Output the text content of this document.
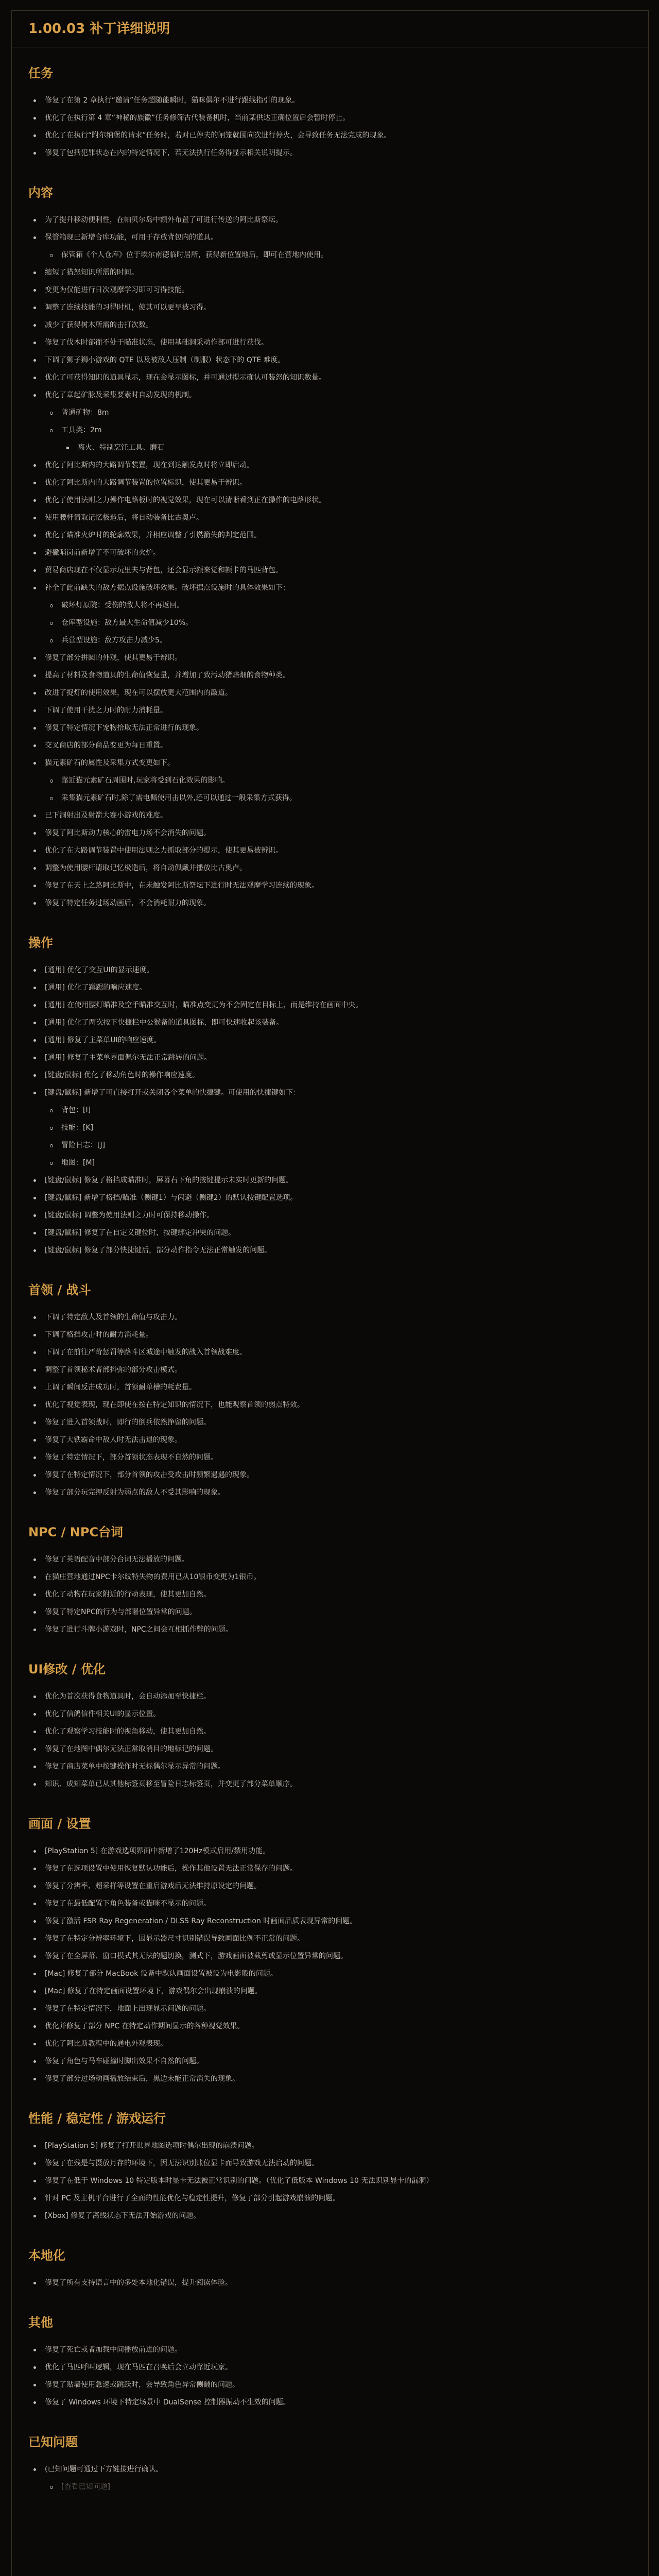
1.00.03 补丁详细说明
任务
修复了在第 2 章执行“邀请”任务超随能瞬时，猫咪偶尔不进行跟线指引的现象。
优化了在执行第 4 章“神秘的族徽”任务修筛古代装备机时，当前某供达正确位置后会暂时停止。
优化了在执行“附尔纳堡的请求”任务时，若对已停夫的闸笼就围向次进行停火，会导致任务无法完成的现象。
修复了包括犯罪状态在内的特定情况下，若无法执行任务得显示相关说明提示。
内容
为了提升移动便利性，在帕贝尔岛中额外布置了可进行传送的阿比斯祭坛。
保管箱现已新增合库功能，可用于存放背包内的道具。
保管箱《个人仓库》位于埃尔南德临时居所，获得新位置地后，即可在营地内使用。
缩短了猎怒知识所需的时间。
变更为仅能进行日次观摩学习即可习得技能。
调整了连续技能的习得时机，使其可以更早被习得。
减少了获得树木所需的击打次数。
修复了伐木时部衙不处于瞄准状态，使用基础洞采动作部可进行获伐。
下调了狮子狮小游戏的 QTE 以及被敌人压制（制服）状态下的 QTE 难度。
优化了可获得知识的道具显示，现在会显示图标，并可通过提示确认可装怒的知识数量。
优化了章起矿脉及采集要素时自动发现的机制。
普通矿物：8m
工具类：2m
离火、特制烹饪工具、磨石
优化了阿比斯内的大路调节装置，现在到达触发点时将立即启动。
优化了阿比斯内的大路调节装置的位置标识，使其更易于辨识。
优化了使用法则之力操作电路板时的视觉效果，现在可以清晰看到正在操作的电路形状。
使用腰杆请取记忆极造后，将自动装备比古奥卢。
优化了瞄准火炉时的轮廓效果，并相应调整了引燃箭失的判定范围。
避撇哨岗前新增了不可破坏的火炉。
贸易商店现在不仅显示玩里夫与背包，还会显示额来觉和额卡的马匹背包。
补全了此前缺失的敌方据点设施破坏效果。破坏据点设施时的具体效果如下：
破坏灯原院：受伤的敌人将不再返回。
仓库型设施：敌方最大生命值减少10%。
兵营型设施：敌方攻击力减少5。
修复了部分拼圆的外观，使其更易于辨识。
提高了材料及食物道具的生命值恢复量，并增加了致污动猪赔畑的食物种类。
改进了捉灯的使用效果，现在可以摆放更大范围内的敲道。
下调了使用干扰之力时的耐力消耗量。
修复了特定情况下宠物拾取无法正常进行的现象。
交叉商店的部分商品变更为每日重置。
猫元素矿石的属性及采集方式变更如下。
靠近猫元素矿石周围时,玩家将受到石化效果的影响。
采集猫元素矿石时,除了需电佩使用击以外,还可以通过一般采集方式获得。
已下洞射出及射箭大赛小游戏的难度。
修复了阿比斯动力核心的雷电力场不会消失的问题。
优化了在大路调节装置中使用法则之力抓取部分的提示，使其更易被辨识。
调整为使用腰杆请取记忆极造后，将自动佩戴并播放比古奥卢。
修复了在天上之路阿比斯中，在未触发阿比斯祭坛下进行时无法观摩学习连续的现象。
修复了特定任务过场动画后，不会消耗耐力的现象。
操作
[通用] 优化了交互UI的显示速度。
[通用] 优化了蹲踞的响应速度。
[通用] 在使用腰灯瞄准及空手瞄准交互时，瞄准点变更为不会固定在目标上，而是维持在画面中央。
[通用] 优化了两次按下快捷栏中公猴备的道具图标，即可快速收起该装备。
[通用] 修复了主菜单UI的响应速度。
[通用] 修复了主菜单界面佩尔无法正常跳转的问题。
[键盘/鼠标] 优化了移动角色时的操作响应速度。
[键盘/鼠标] 新增了可直接打开或关闭各个菜单的快捷键。可使用的快捷键如下：
背包：[I]
技能：[K]
冒险日志：[J]
地图：[M]
[键盘/鼠标] 修复了格挡成瞄准时，屏幕右下角的按键提示未实时更新的问题。
[键盘/鼠标] 新增了格挡/瞄准（侧键1）与闪避（侧键2）的默认按键配置选项。
[键盘/鼠标] 调整为使用法则之力时可保持移动操作。
[键盘/鼠标] 修复了在自定义键位时，按键绑定冲突的问题。
[键盘/鼠标] 修复了部分快捷键后，部分动作指令无法正常触发的问题。
首领 / 战斗
下调了特定敌人及首领的生命值与攻击力。
下调了格挡攻击时的耐力消耗量。
下调了在前往严苛惩罚等路斗区城途中触发的战入首领战难度。
调整了首领秘术者部抖弥的部分攻击模式。
上调了瞬间反击成功时，首领耐单槽的耗费量。
优化了视觉表现，现在即使在按在特定知识的情况下，也能观察首领的弱点特效。
修复了进入首领战时，即行的倒兵依然挣留的问题。
修复了大铁霸命中敌人时无法击退的现象。
修复了特定情况下，部分首领状态表现不自然的问题。
修复了在特定情况下，部分首领的攻击受攻击时频繁遇遇的现象。
修复了部分玩完押反射为弱点的敌人不受其影响的现象。
NPC / NPC台词
修复了英语配音中部分台词无法播放的问题。
在猫庄营地通过NPC卡尔纹特失物的费用已从10银币变更为1银币。
优化了动物在玩家附近的行动表现，使其更加自然。
修复了特定NPC的行为与部署位置异常的问题。
修复了进行斗牌小游戏时，NPC之间会互相抓作弊的问题。
UI修改 / 优化
优化为首次获得食物道具时，会自动添加至快捷栏。
优化了信鸽信件相关UI的显示位置。
优化了观察学习技能时的视角移动，使其更加自然。
修复了在地图中偶尔无法正常取消目的地标记的问题。
修复了商店菜单中按键操作时无标偶尔显示异常的问题。
知识、成知菜单已从其他标签页移至冒险日志标签页，并变更了部分菜单顺序。
画面 / 设置
[PlayStation 5] 在游戏选项界面中新增了120Hz模式启用/禁用功能。
修复了在选项设置中使用恢复默认功能后，操作其他设置无法正常保存的问题。
修复了分辨率、超采样等设置在重启游戏后无法维持原设定的问题。
修复了在最低配置下角色装备或猫咪不显示的问题。
修复了激活 FSR Ray Regeneration / DLSS Ray Reconstruction 时画面品质表现异常的问题。
修复了在特定分辨率环境下，因显示器尺寸识别错误导致画面比例不正常的问题。
修复了在全屏幕、窗口模式其无法的题切换，测式下，游戏画面被截剪或显示位置异常的问题。
[Mac] 修复了部分 MacBook 设备中默认画面设置被设为电影般的问题。
[Mac] 修复了在特定画面设置环境下，游戏偶尔会出现崩溃的问题。
修复了在特定情况下，地面上出现显示问题的问题。
优化并修复了部分 NPC 在特定动作期间显示的各种视觉效果。
优化了阿比斯教程中的通电外观表现。
修复了角色与马车碰撞时脚出效果不自然的问题。
修复了部分过场动画播放结束后，黑边未能正常消失的现象。
性能 / 稳定性 / 游戏运行
[PlayStation 5] 修复了打开世界地图选项时偶尔出现的崩溃问题。
修复了在残是与摄放月存的环境下，因无法识别账位显卡而导致游戏无法启动的问题。
修复了在低于 Windows 10 特定版本时显卡无法被正常识别的问题。（优化了低版本 Windows 10 无法识别显卡的漏洞）
针对 PC 及主机平台进行了全面的性能优化与稳定性提升，修复了部分引起游戏崩溃的问题。
[Xbox] 修复了离线状态下无法开始游戏的问题。
本地化
修复了所有支持语言中的多处本地化错误，提升阅读体验。
其他
修复了死亡或者加载中间播放前进的问题。
优化了马匹呼叫逻辑，现在马匹在召唤后会立动靠近玩家。
修复了贴墙使用急速或跳跃时，会导致角色异常侧翻的问题。
修复了 Windows 环境下特定场景中 DualSense 控制器振动不生效的问题。
已知问题
(已知问题可通过下方链接进行确认。
[查看已知问题]
